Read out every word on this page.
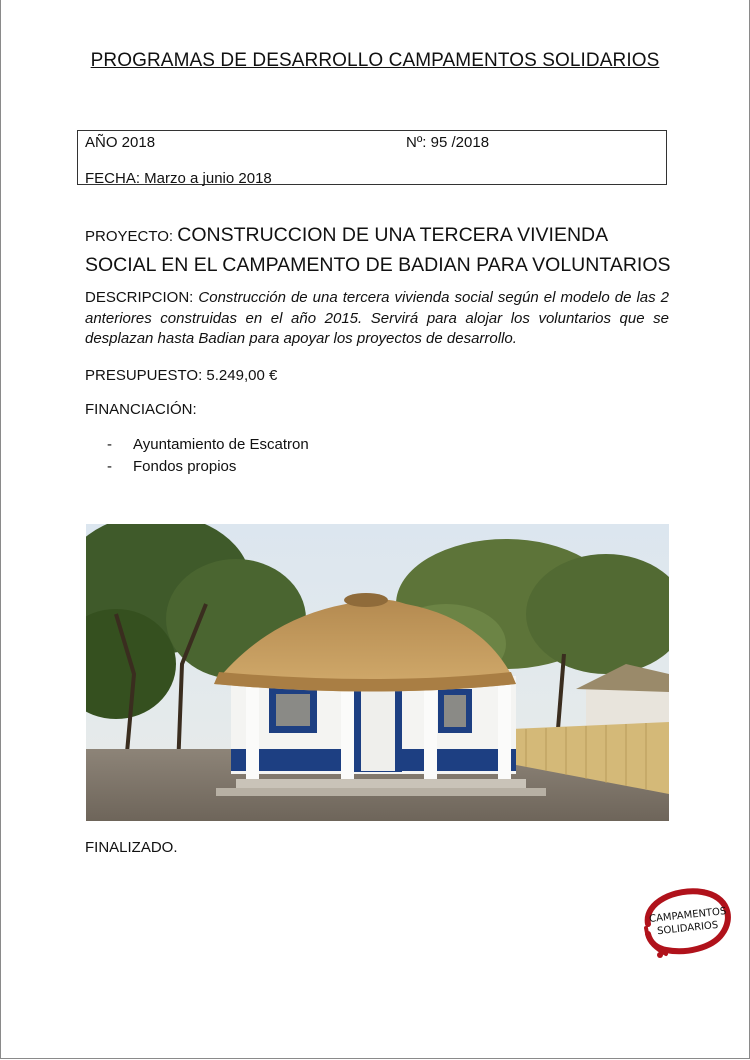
PROGRAMAS DE DESARROLLO CAMPAMENTOS SOLIDARIOS
AÑO 2018	Nº: 95 /2018
FECHA: Marzo a junio 2018
PROYECTO: CONSTRUCCION DE UNA TERCERA VIVIENDA SOCIAL EN EL CAMPAMENTO DE BADIAN PARA VOLUNTARIOS
DESCRIPCION: Construcción de una tercera vivienda social según el modelo de las 2 anteriores construidas en el año 2015. Servirá para alojar los voluntarios que se desplazan hasta Badian para apoyar los proyectos de desarrollo.
PRESUPUESTO: 5.249,00 €
FINANCIACIÓN:
-	Ayuntamiento de Escatron
-	Fondos propios
FINALIZADO.
CAMPAMENTOS
SOLIDARIOS
